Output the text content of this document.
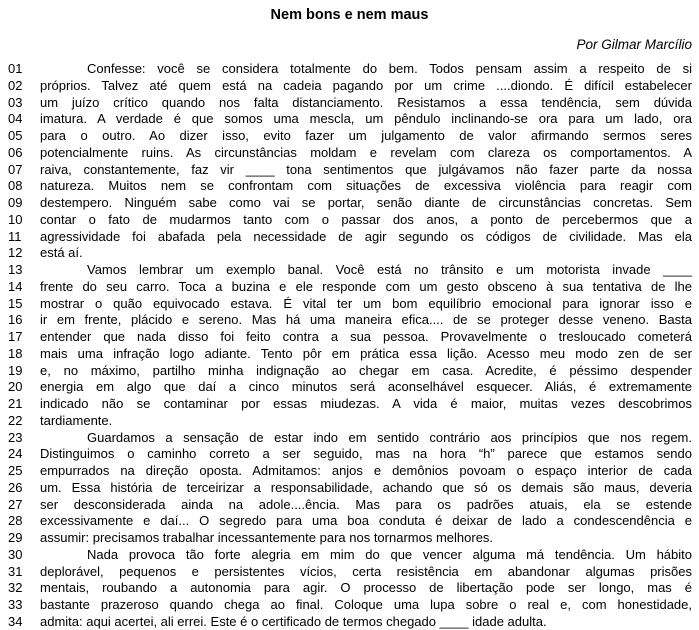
Nem bons e nem maus
Por Gilmar Marcílio
01	Confesse: você se considera totalmente do bem. Todos pensam assim a respeito de si
02	próprios. Talvez até quem está na cadeia pagando por um crime ....diondo. É difícil estabelecer
03	um juízo crítico quando nos falta distanciamento. Resistamos a essa tendência, sem dúvida
04	imatura. A verdade é que somos uma mescla, um pêndulo inclinando-se ora para um lado, ora
05	para o outro. Ao dizer isso, evito fazer um julgamento de valor afirmando sermos seres
06	potencialmente ruins. As circunstâncias moldam e revelam com clareza os comportamentos. A
07	raiva, constantemente, faz vir ____ tona sentimentos que julgávamos não fazer parte da nossa
08	natureza. Muitos nem se confrontam com situações de excessiva violência para reagir com
09	destempero. Ninguém sabe como vai se portar, senão diante de circunstâncias concretas. Sem
10	contar o fato de mudarmos tanto com o passar dos anos, a ponto de percebermos que a
11	agressividade foi abafada pela necessidade de agir segundo os códigos de civilidade. Mas ela
12	está aí.
13	Vamos lembrar um exemplo banal. Você está no trânsito e um motorista invade ____
14	frente do seu carro. Toca a buzina e ele responde com um gesto obsceno à sua tentativa de lhe
15	mostrar o quão equivocado estava. É vital ter um bom equilíbrio emocional para ignorar isso e
16	ir em frente, plácido e sereno. Mas há uma maneira efica.... de se proteger desse veneno. Basta
17	entender que nada disso foi feito contra a sua pessoa. Provavelmente o tresloucado cometerá
18	mais uma infração logo adiante. Tento pôr em prática essa lição. Acesso meu modo zen de ser
19	e, no máximo, partilho minha indignação ao chegar em casa. Acredite, é péssimo despender
20	energia em algo que daí a cinco minutos será aconselhável esquecer. Aliás, é extremamente
21	indicado não se contaminar por essas miudezas. A vida é maior, muitas vezes descobrimos
22	tardiamente.
23	Guardamos a sensação de estar indo em sentido contrário aos princípios que nos regem.
24	Distinguimos o caminho correto a ser seguido, mas na hora “h” parece que estamos sendo
25	empurrados na direção oposta. Admitamos: anjos e demônios povoam o espaço interior de cada
26	um. Essa história de terceirizar a responsabilidade, achando que só os demais são maus, deveria
27	ser desconsiderada ainda na adole....ência. Mas para os padrões atuais, ela se estende
28	excessivamente e daí... O segredo para uma boa conduta é deixar de lado a condescendência e
29	assumir: precisamos trabalhar incessantemente para nos tornarmos melhores.
30	Nada provoca tão forte alegria em mim do que vencer alguma má tendência. Um hábito
31	deplorável, pequenos e persistentes vícios, certa resistência em abandonar algumas prisões
32	mentais, roubando a autonomia para agir. O processo de libertação pode ser longo, mas é
33	bastante prazeroso quando chega ao final. Coloque uma lupa sobre o real e, com honestidade,
34	admita: aqui acertei, ali errei. Este é o certificado de termos chegado ____ idade adulta.
